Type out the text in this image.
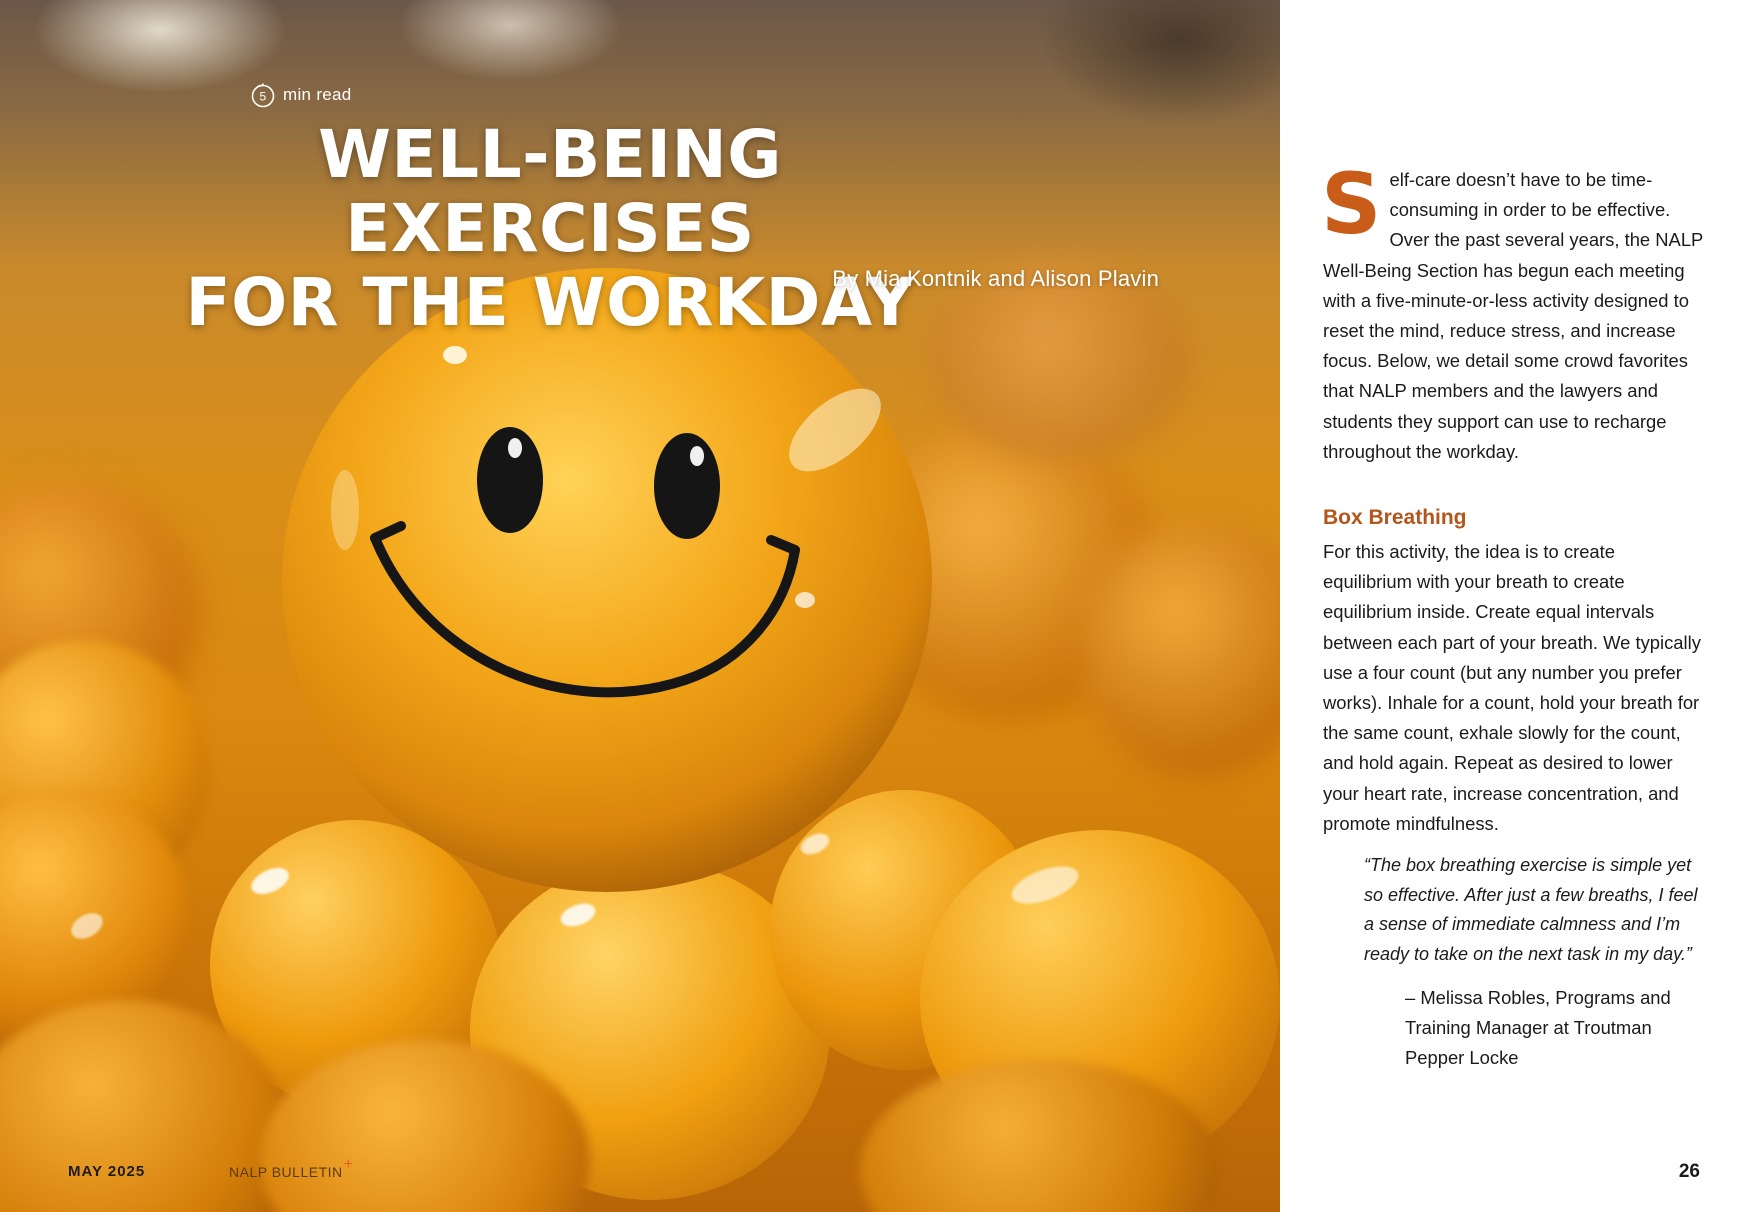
5 min read
WELL-BEING EXERCISES
FOR THE WORKDAY

By Mia Kontnik and Alison Plavin

MAY 2025	NALP BULLETIN+

Self-care doesn’t have to be time-consuming in order to be effective. Over the past several years, the NALP Well-Being Section has begun each meeting with a five-minute-or-less activity designed to reset the mind, reduce stress, and increase focus. Below, we detail some crowd favorites that NALP members and the lawyers and students they support can use to recharge throughout the workday.

Box Breathing

For this activity, the idea is to create equilibrium with your breath to create equilibrium inside. Create equal intervals between each part of your breath. We typically use a four count (but any number you prefer works). Inhale for a count, hold your breath for the same count, exhale slowly for the count, and hold again. Repeat as desired to lower your heart rate, increase concentration, and promote mindfulness.

“The box breathing exercise is simple yet so effective. After just a few breaths, I feel a sense of immediate calmness and I’m ready to take on the next task in my day.”

– Melissa Robles, Programs and Training Manager at Troutman Pepper Locke

26
